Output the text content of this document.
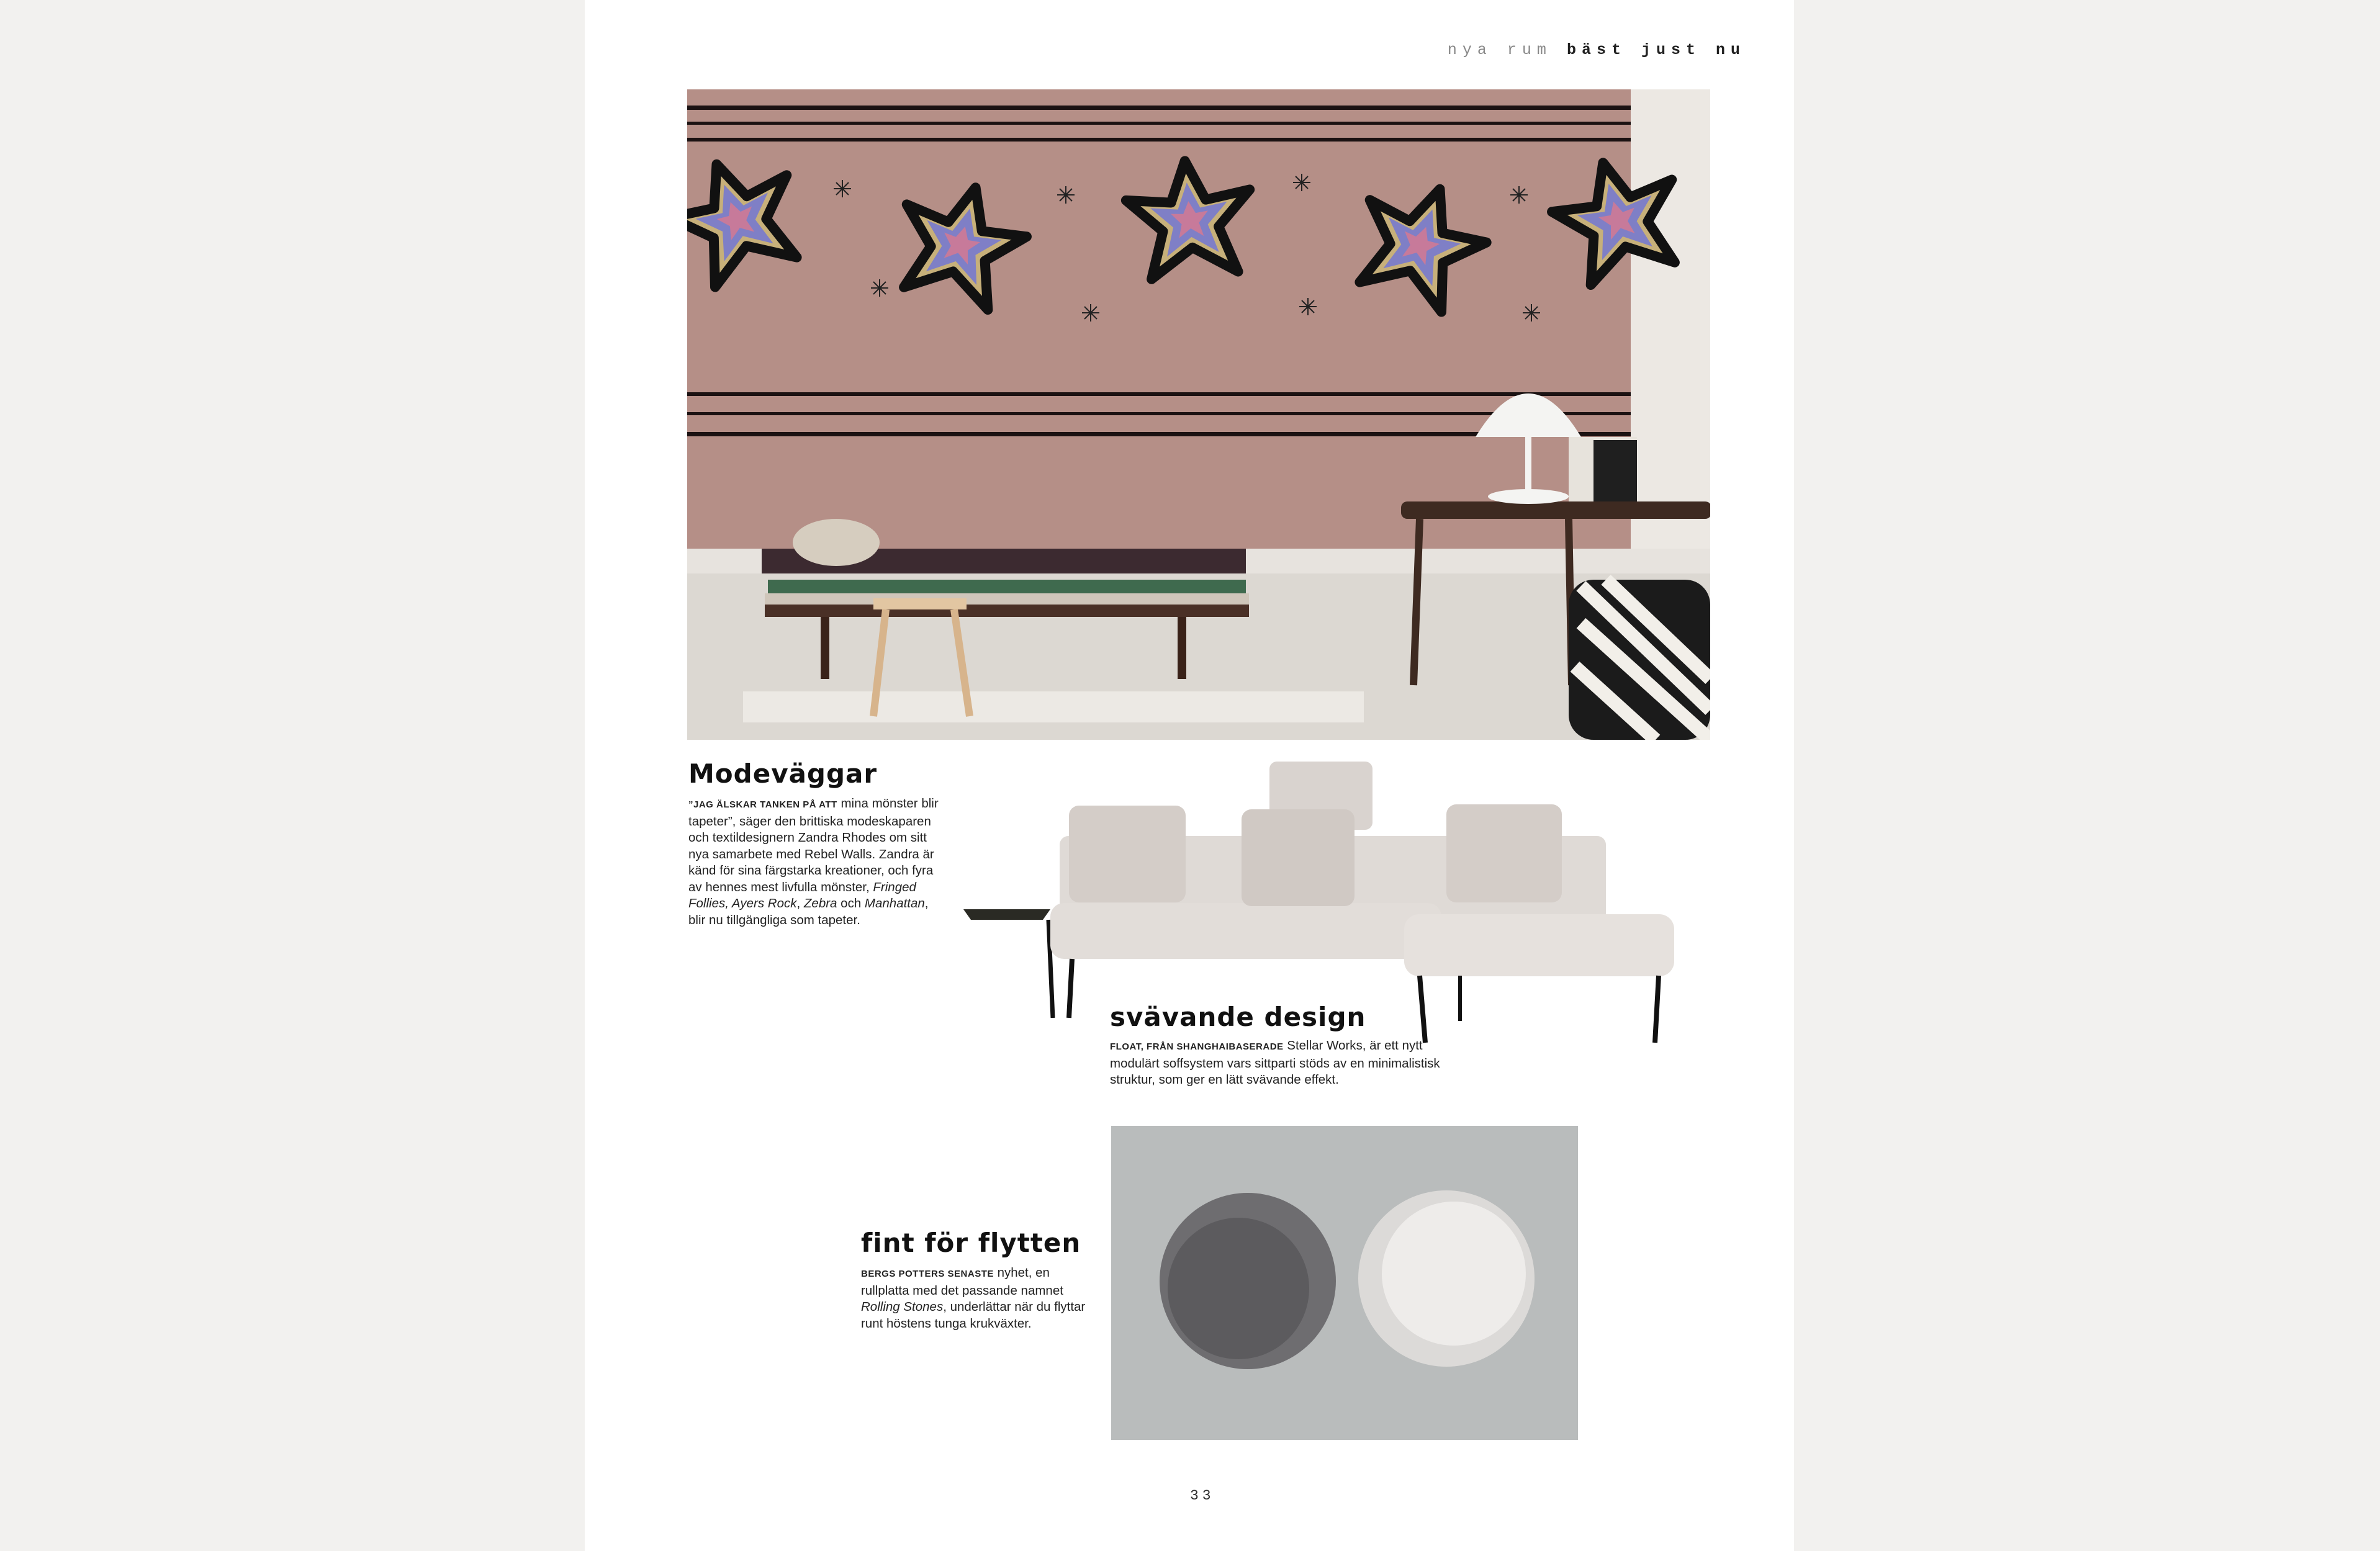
nya rum bäst just nu
Modeväggar
”JAG ÄLSKAR TANKEN PÅ ATT mina mönster blir tapeter”, säger den brittiska modeskaparen och textildesignern Zandra Rhodes om sitt nya samarbete med Rebel Walls. Zandra är känd för sina färgstarka kreationer, och fyra av hennes mest livfulla mönster, Fringed Follies, Ayers Rock, Zebra och Manhattan, blir nu tillgängliga som tapeter.
svävande design
FLOAT, FRÅN SHANGHAIBASERADE Stellar Works, är ett nytt modulärt soffsystem vars sittparti stöds av en minimalistisk struktur, som ger en lätt svävande effekt.
fint för flytten
BERGS POTTERS SENASTE nyhet, en rullplatta med det passande namnet Rolling Stones, underlättar när du flyttar runt höstens tunga krukväxter.
33
